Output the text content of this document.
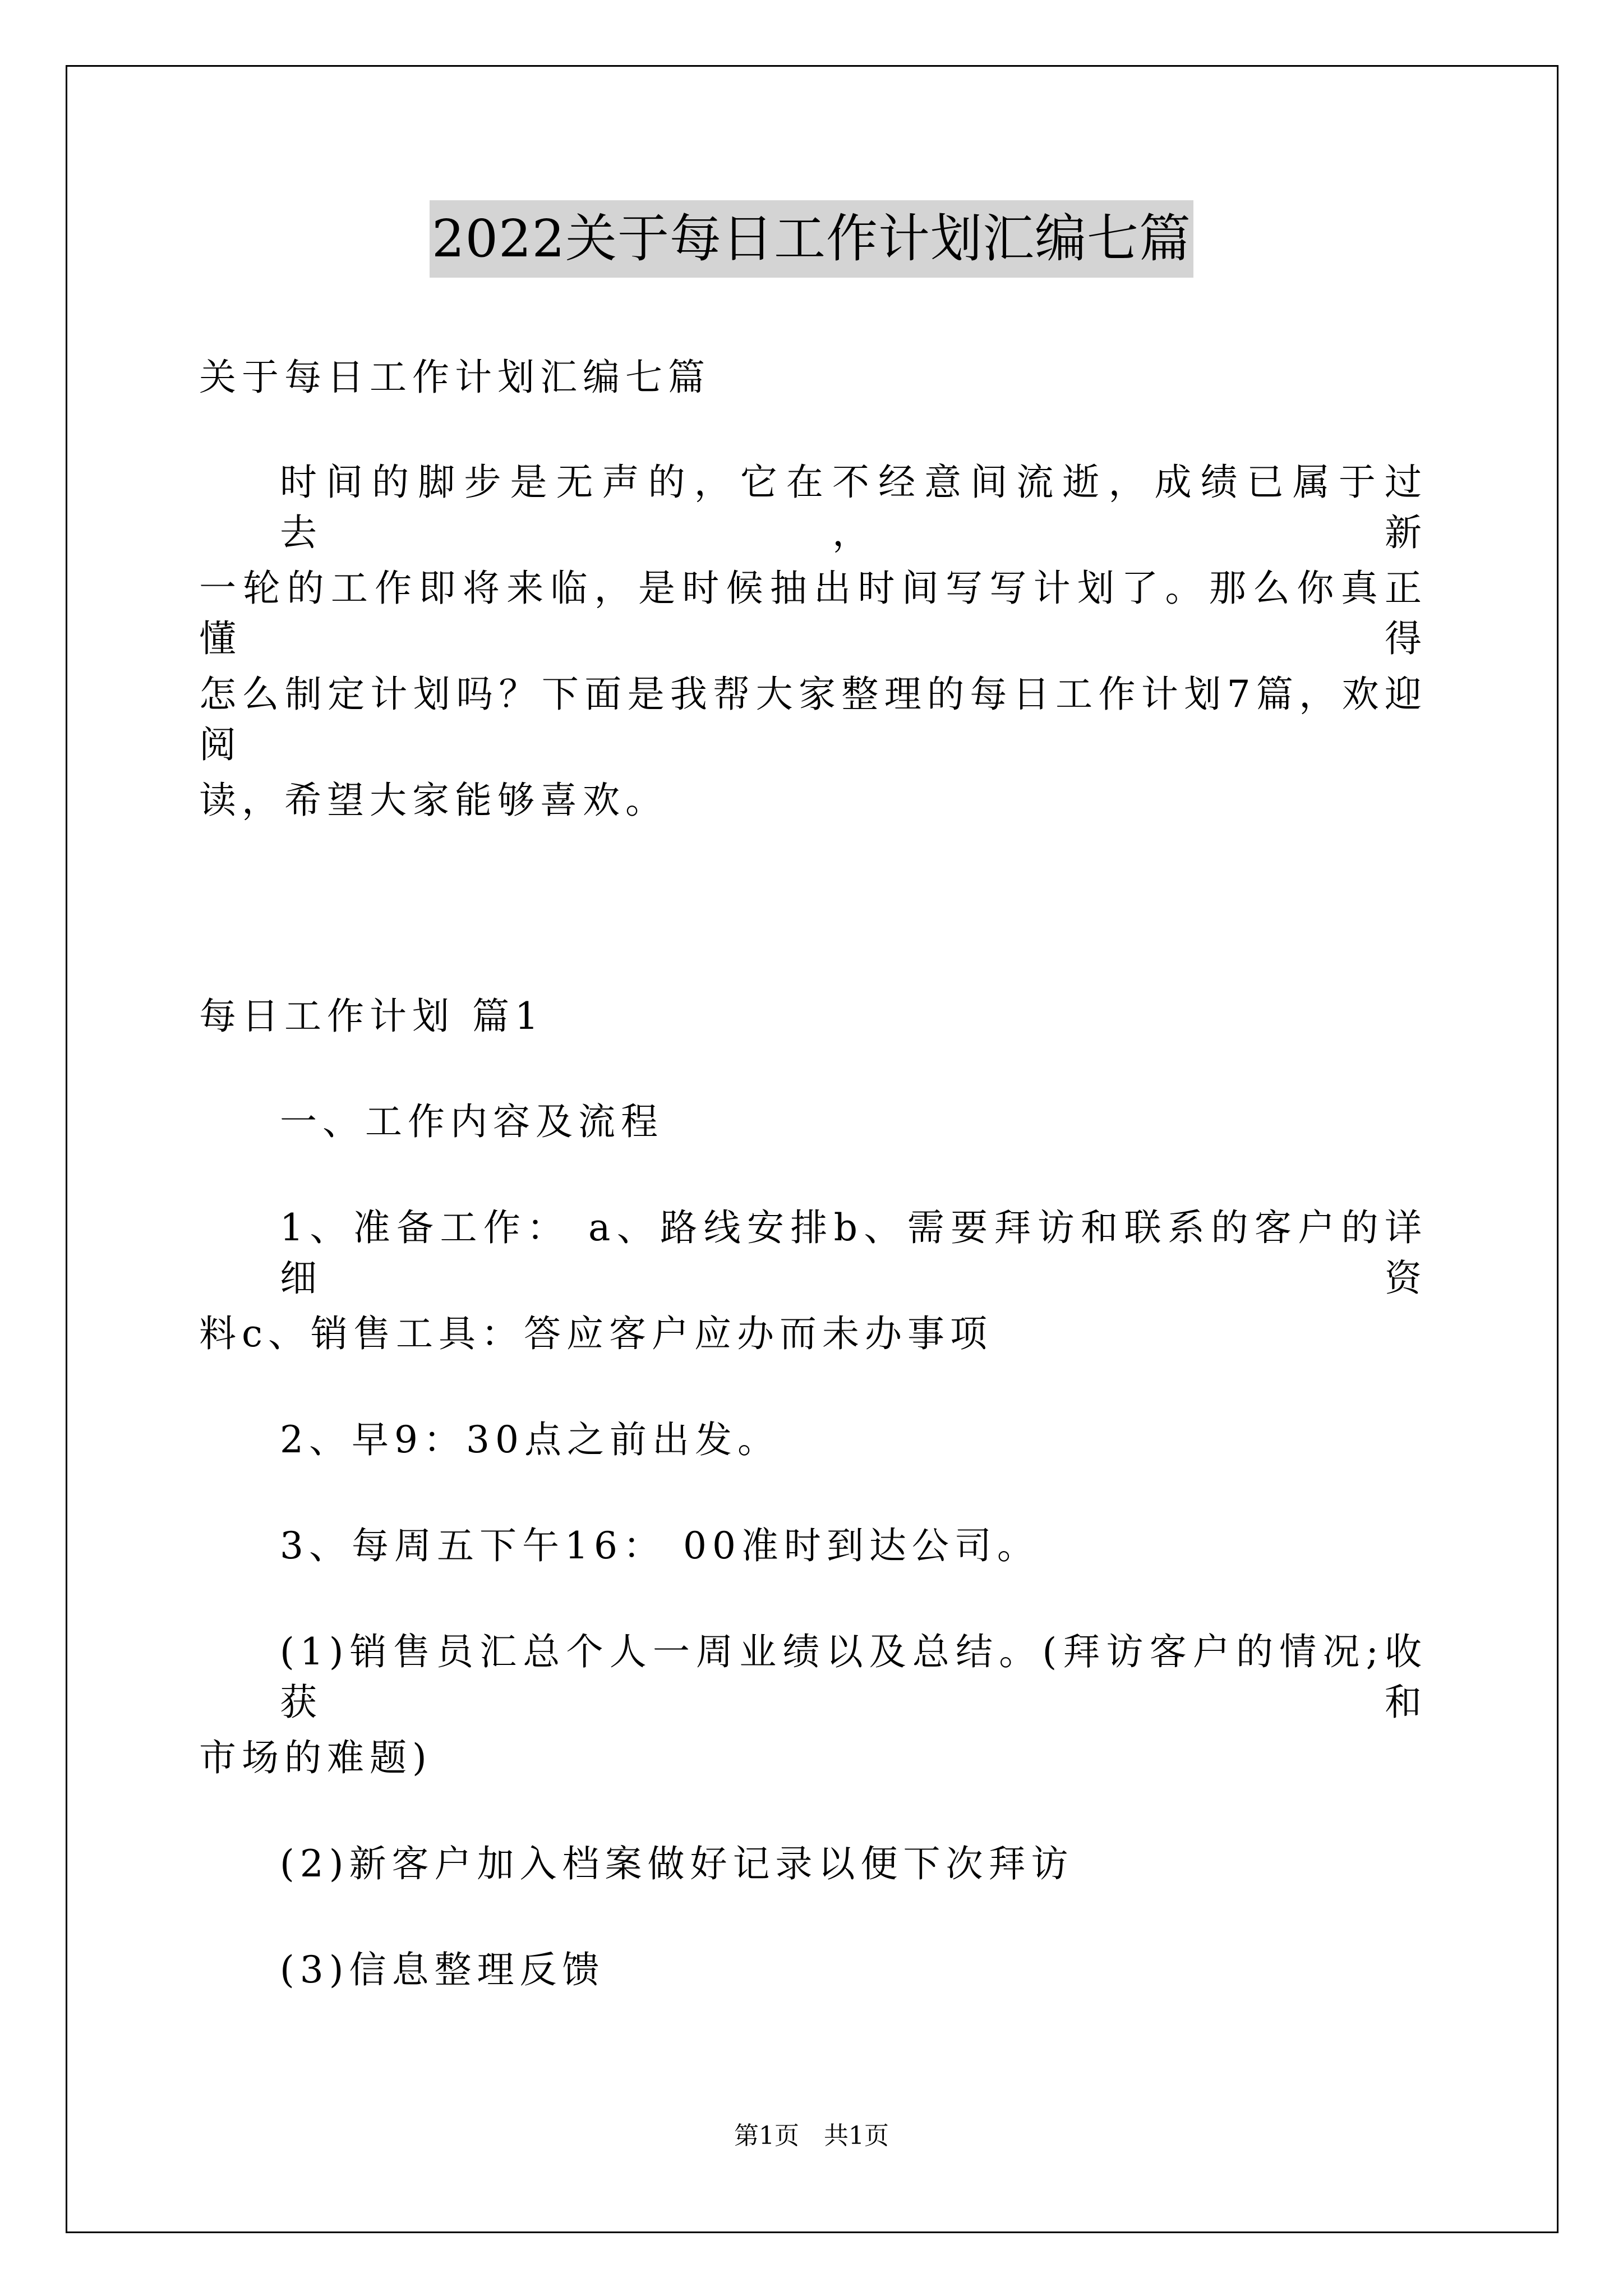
2022关于每日工作计划汇编七篇
关于每日工作计划汇编七篇
时间的脚步是无声的，它在不经意间流逝，成绩已属于过去，新
一轮的工作即将来临，是时候抽出时间写写计划了。那么你真正懂得
怎么制定计划吗？下面是我帮大家整理的每日工作计划7篇，欢迎阅
读，希望大家能够喜欢。
每日工作计划 篇1
一、工作内容及流程
1、准备工作： a、路线安排b、需要拜访和联系的客户的详细资
料c、销售工具：答应客户应办而未办事项
2、早9：30点之前出发。
3、每周五下午16： 00准时到达公司。
(1)销售员汇总个人一周业绩以及总结。(拜访客户的情况;收获和
市场的难题)
(2)新客户加入档案做好记录以便下次拜访
(3)信息整理反馈
第1页　共1页
